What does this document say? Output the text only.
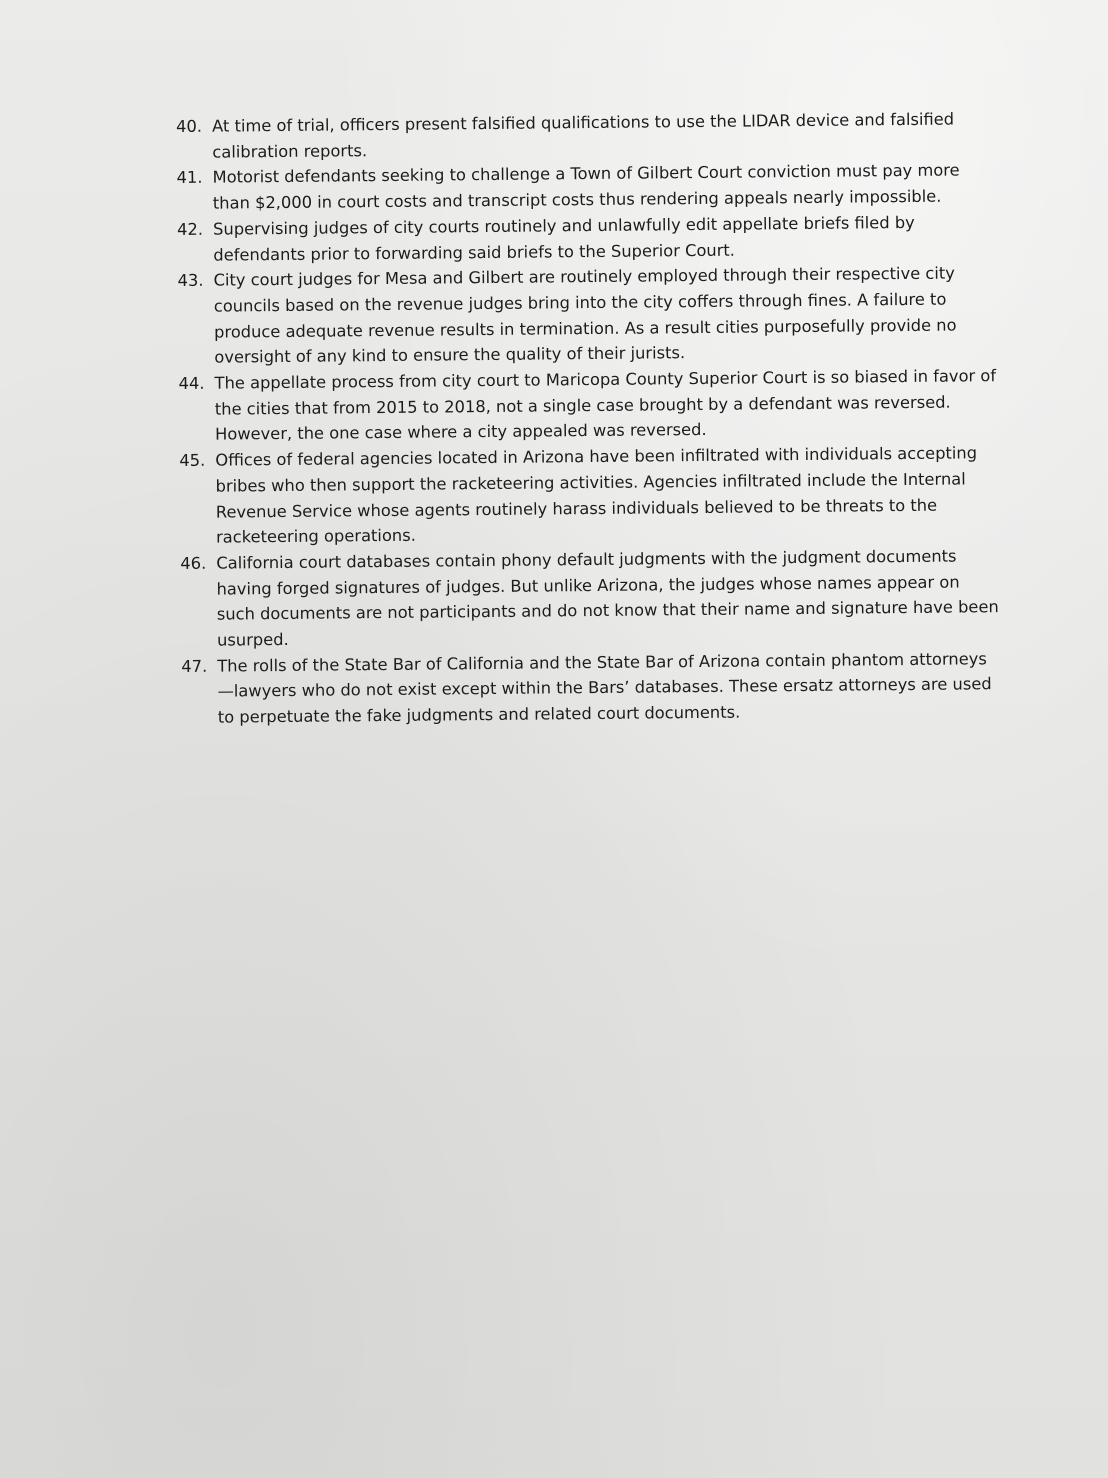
40. At time of trial, officers present falsified qualifications to use the LIDAR device and falsified calibration reports.
41. Motorist defendants seeking to challenge a Town of Gilbert Court conviction must pay more than $2,000 in court costs and transcript costs thus rendering appeals nearly impossible.
42. Supervising judges of city courts routinely and unlawfully edit appellate briefs filed by defendants prior to forwarding said briefs to the Superior Court.
43. City court judges for Mesa and Gilbert are routinely employed through their respective city councils based on the revenue judges bring into the city coffers through fines. A failure to produce adequate revenue results in termination. As a result cities purposefully provide no oversight of any kind to ensure the quality of their jurists.
44. The appellate process from city court to Maricopa County Superior Court is so biased in favor of the cities that from 2015 to 2018, not a single case brought by a defendant was reversed. However, the one case where a city appealed was reversed.
45. Offices of federal agencies located in Arizona have been infiltrated with individuals accepting bribes who then support the racketeering activities. Agencies infiltrated include the Internal Revenue Service whose agents routinely harass individuals believed to be threats to the racketeering operations.
46. California court databases contain phony default judgments with the judgment documents having forged signatures of judges. But unlike Arizona, the judges whose names appear on such documents are not participants and do not know that their name and signature have been usurped.
47. The rolls of the State Bar of California and the State Bar of Arizona contain phantom attorneys—lawyers who do not exist except within the Bars’ databases. These ersatz attorneys are used to perpetuate the fake judgments and related court documents.
